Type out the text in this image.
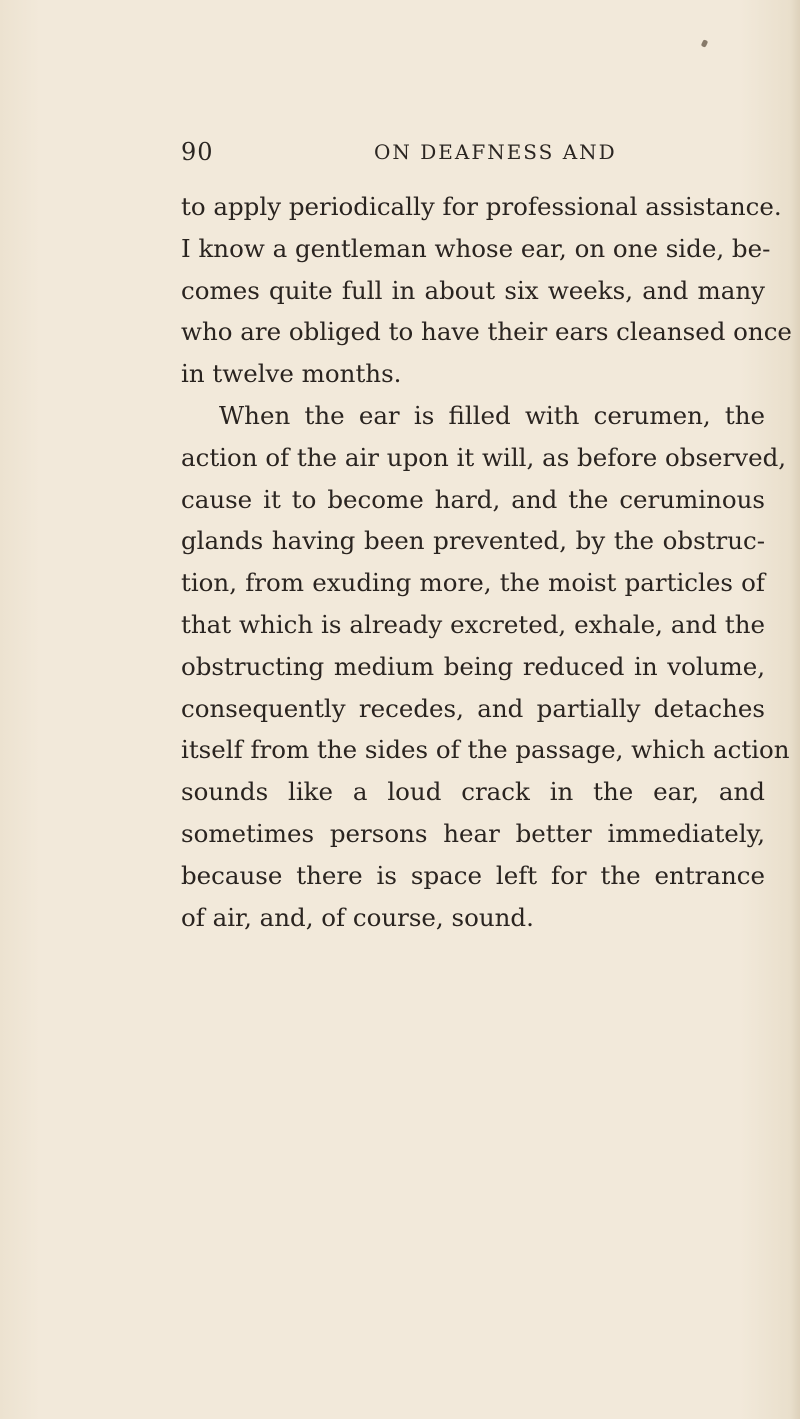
90	ON DEAFNESS AND
to apply periodically for professional assistance.
I know a gentleman whose ear, on one side, be-
comes quite full in about six weeks, and many
who are obliged to have their ears cleansed once
in twelve months.
When the ear is filled with cerumen, the
action of the air upon it will, as before observed,
cause it to become hard, and the ceruminous
glands having been prevented, by the obstruc-
tion, from exuding more, the moist particles of
that which is already excreted, exhale, and the
obstructing medium being reduced in volume,
consequently recedes, and partially detaches
itself from the sides of the passage, which action
sounds like a loud crack in the ear, and
sometimes persons hear better immediately,
because there is space left for the entrance
of air, and, of course, sound.
